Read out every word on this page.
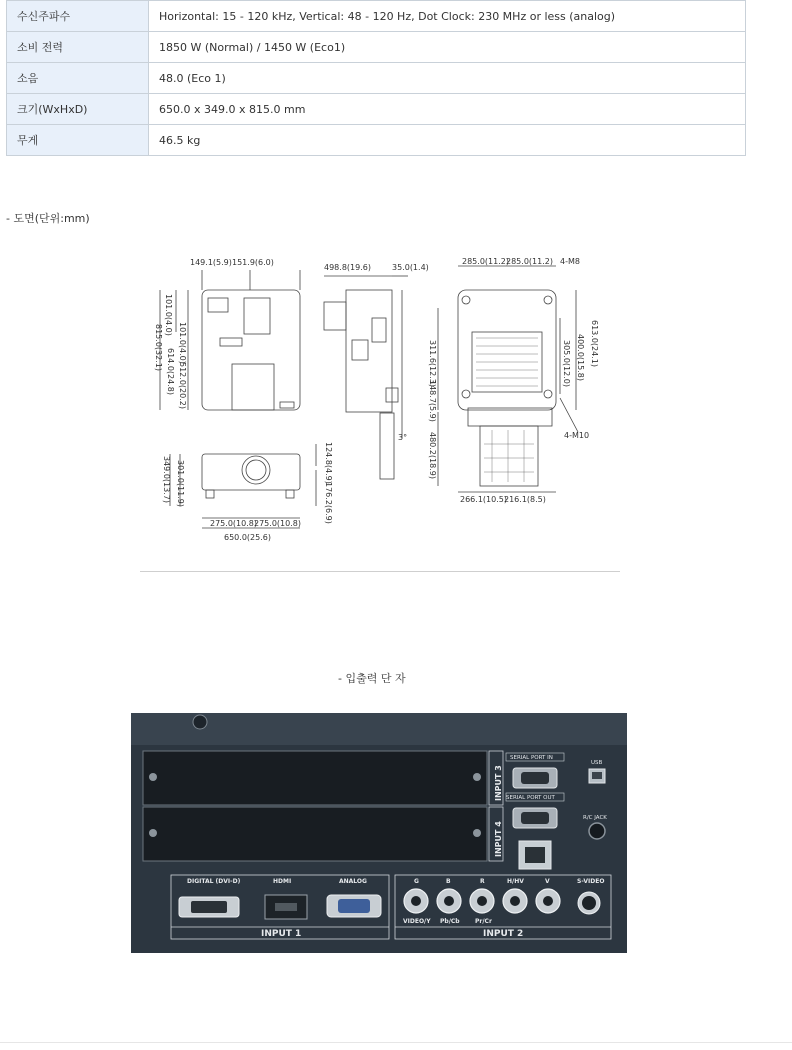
수신주파수	Horizontal: 15 - 120 kHz, Vertical: 48 - 120 Hz, Dot Clock: 230 MHz or less (analog)
소비 전력	1850 W (Normal) / 1450 W (Eco1)
소음	48.0 (Eco 1)
크기(WxHxD)	650.0 x 349.0 x 815.0 mm
무게	46.5 kg
- 도면(단위:mm)
149.1(5.9) 151.9(6.0)
498.8(19.6)	35.0(1.4)
285.0(11.2)
285.0(11.2) 4-M8
4-M10
3°
266.1(10.5)
216.1(8.5)
275.0(10.8)
275.0(10.8)
650.0(25.6)
815.0(32.1)
101.0(4.0)
101.0(4.0)
614.0(24.8) 512.0(20.2)
613.0(24.1)
400.0(15.8)
305.0(12.0)
311.6(12.3)
148.7(5.9)
480.2(18.9)
124.8(4.9)
176.2(6.9)
301.0(11.9)
349.0(13.7)
- 입출력 단 자
INPUT 3
INPUT 4
SERIAL PORT IN
SERIAL PORT OUT
USB
R/C JACK
DIGITAL (DVI-D)	HDMI	ANALOG	G	B	R	H/HV	V	S-VIDEO
VIDEO/Y Pb/Cb	Pr/Cr
INPUT 1	INPUT 2
